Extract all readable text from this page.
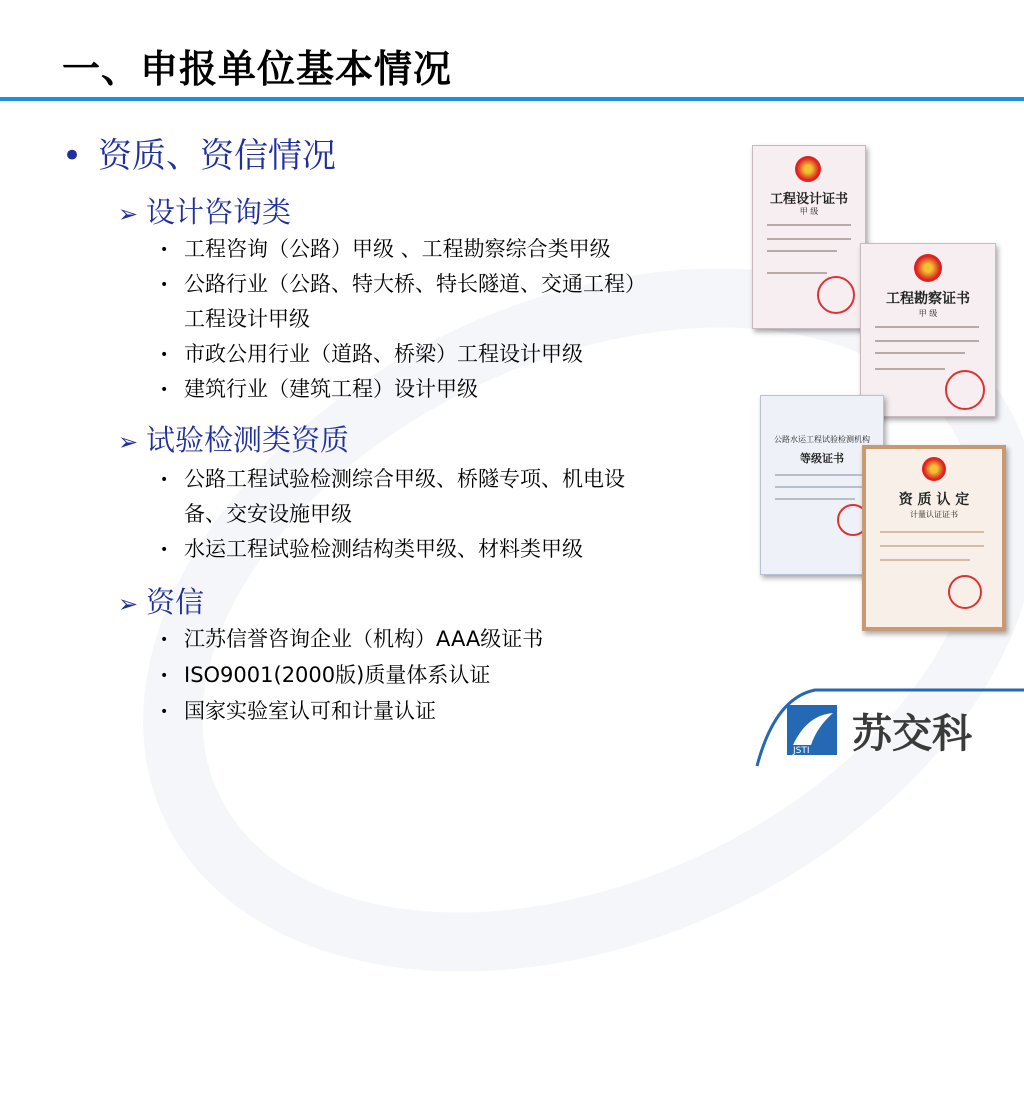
一、申报单位基本情况
• 资质、资信情况
➢ 设计咨询类
• 工程咨询（公路）甲级 、工程勘察综合类甲级
• 公路行业（公路、特大桥、特长隧道、交通工程）
工程设计甲级
• 市政公用行业（道路、桥梁）工程设计甲级
• 建筑行业（建筑工程）设计甲级
➢ 试验检测类资质
• 公路工程试验检测综合甲级、桥隧专项、机电设
备、交安设施甲级
• 水运工程试验检测结构类甲级、材料类甲级
➢ 资信
• 江苏信誉咨询企业（机构）AAA级证书
• ISO9001(2000版)质量体系认证
• 国家实验室认可和计量认证
工程设计证书
甲 级
工程勘察证书
甲 级
公路水运工程试验检测机构
等级证书
资 质 认 定
计量认证证书
JSTI 苏交科
